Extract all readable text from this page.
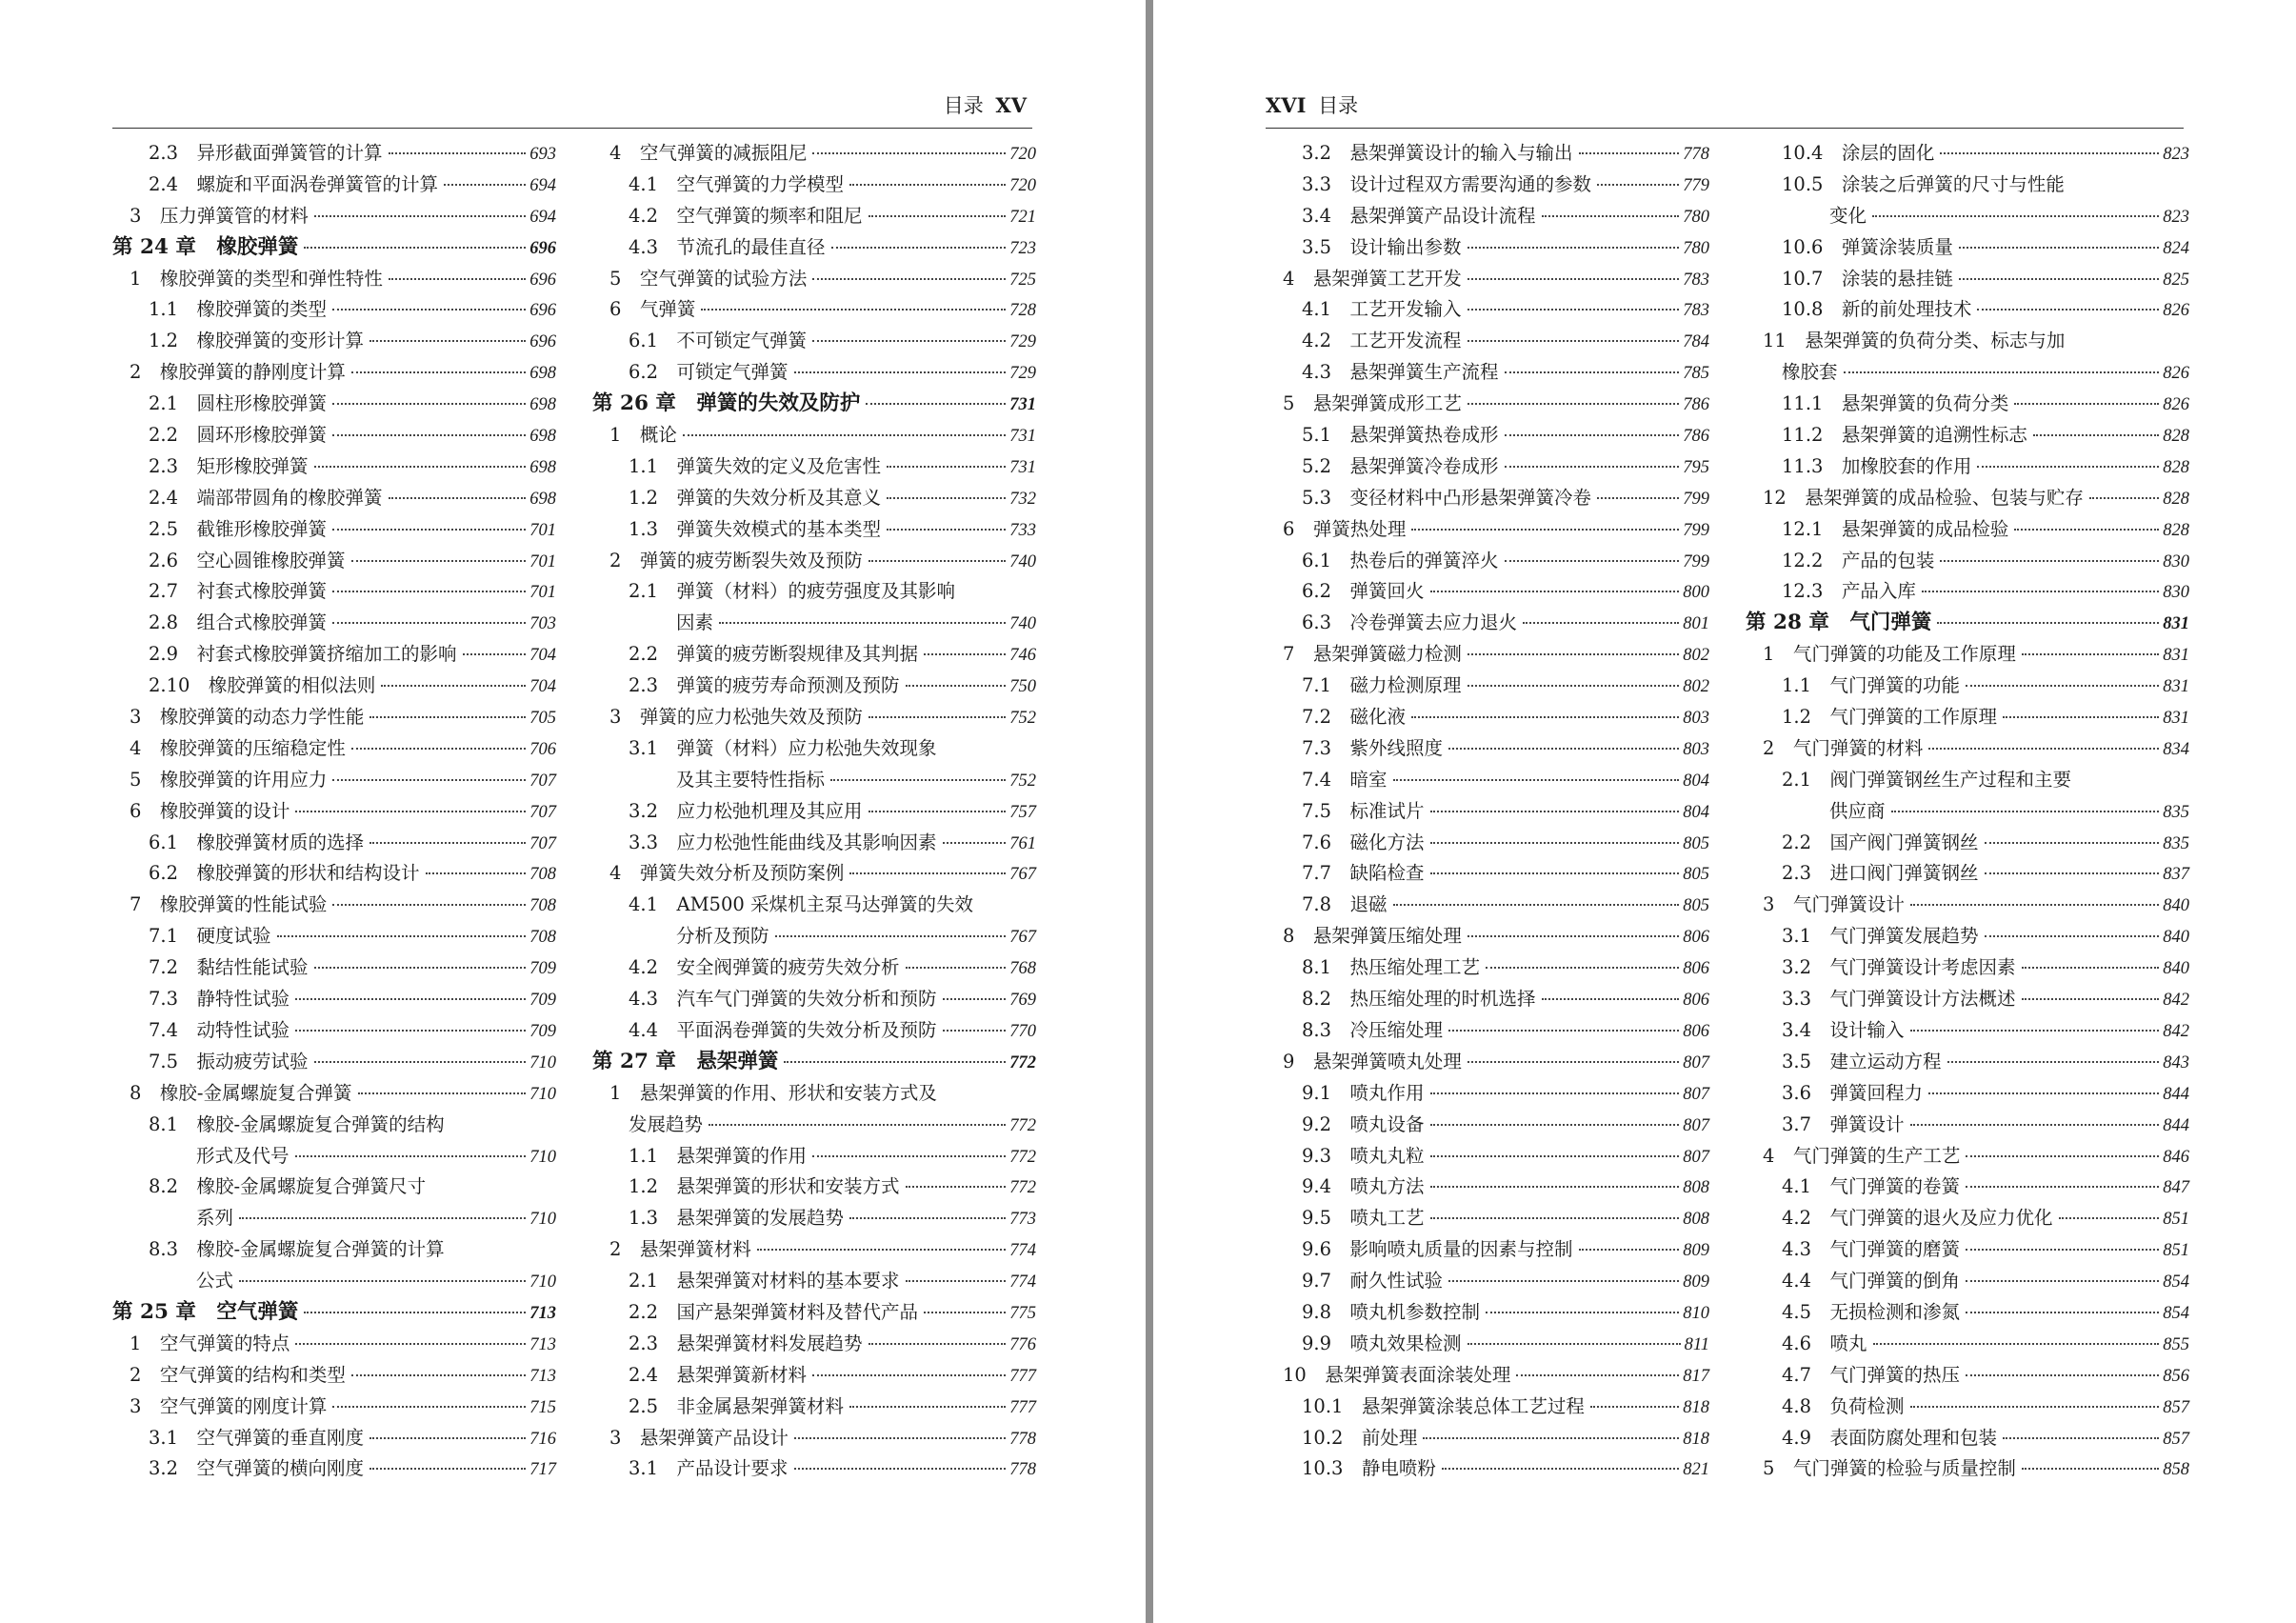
目录 XV
2.3　异形截面弹簧管的计算	693
2.4　螺旋和平面涡卷弹簧管的计算	694
3　压力弹簧管的材料	694
第 24 章　橡胶弹簧	696
1　橡胶弹簧的类型和弹性特性	696
1.1　橡胶弹簧的类型	696
1.2　橡胶弹簧的变形计算	696
2　橡胶弹簧的静刚度计算	698
2.1　圆柱形橡胶弹簧	698
2.2　圆环形橡胶弹簧	698
2.3　矩形橡胶弹簧	698
2.4　端部带圆角的橡胶弹簧	698
2.5　截锥形橡胶弹簧	701
2.6　空心圆锥橡胶弹簧	701
2.7　衬套式橡胶弹簧	701
2.8　组合式橡胶弹簧	703
2.9　衬套式橡胶弹簧挤缩加工的影响	704
2.10　橡胶弹簧的相似法则	704
3　橡胶弹簧的动态力学性能	705
4　橡胶弹簧的压缩稳定性	706
5　橡胶弹簧的许用应力	707
6　橡胶弹簧的设计	707
6.1　橡胶弹簧材质的选择	707
6.2　橡胶弹簧的形状和结构设计	708
7　橡胶弹簧的性能试验	708
7.1　硬度试验	708
7.2　黏结性能试验	709
7.3　静特性试验	709
7.4　动特性试验	709
7.5　振动疲劳试验	710
8　橡胶-金属螺旋复合弹簧	710
8.1　橡胶-金属螺旋复合弹簧的结构
形式及代号	710
8.2　橡胶-金属螺旋复合弹簧尺寸
系列	710
8.3　橡胶-金属螺旋复合弹簧的计算
公式	710
第 25 章　空气弹簧	713
1　空气弹簧的特点	713
2　空气弹簧的结构和类型	713
3　空气弹簧的刚度计算	715
3.1　空气弹簧的垂直刚度	716
3.2　空气弹簧的横向刚度	717
4　空气弹簧的减振阻尼	720
4.1　空气弹簧的力学模型	720
4.2　空气弹簧的频率和阻尼	721
4.3　节流孔的最佳直径	723
5　空气弹簧的试验方法	725
6　气弹簧	728
6.1　不可锁定气弹簧	729
6.2　可锁定气弹簧	729
第 26 章　弹簧的失效及防护	731
1　概论	731
1.1　弹簧失效的定义及危害性	731
1.2　弹簧的失效分析及其意义	732
1.3　弹簧失效模式的基本类型	733
2　弹簧的疲劳断裂失效及预防	740
2.1　弹簧（材料）的疲劳强度及其影响
因素	740
2.2　弹簧的疲劳断裂规律及其判据	746
2.3　弹簧的疲劳寿命预测及预防	750
3　弹簧的应力松弛失效及预防	752
3.1　弹簧（材料）应力松弛失效现象
及其主要特性指标	752
3.2　应力松弛机理及其应用	757
3.3　应力松弛性能曲线及其影响因素	761
4　弹簧失效分析及预防案例	767
4.1　AM500 采煤机主泵马达弹簧的失效
分析及预防	767
4.2　安全阀弹簧的疲劳失效分析	768
4.3　汽车气门弹簧的失效分析和预防	769
4.4　平面涡卷弹簧的失效分析及预防	770
第 27 章　悬架弹簧	772
1　悬架弹簧的作用、形状和安装方式及
发展趋势	772
1.1　悬架弹簧的作用	772
1.2　悬架弹簧的形状和安装方式	772
1.3　悬架弹簧的发展趋势	773
2　悬架弹簧材料	774
2.1　悬架弹簧对材料的基本要求	774
2.2　国产悬架弹簧材料及替代产品	775
2.3　悬架弹簧材料发展趋势	776
2.4　悬架弹簧新材料	777
2.5　非金属悬架弹簧材料	777
3　悬架弹簧产品设计	778
3.1　产品设计要求	778
XVI 目录
3.2　悬架弹簧设计的输入与输出	778
3.3　设计过程双方需要沟通的参数	779
3.4　悬架弹簧产品设计流程	780
3.5　设计输出参数	780
4　悬架弹簧工艺开发	783
4.1　工艺开发输入	783
4.2　工艺开发流程	784
4.3　悬架弹簧生产流程	785
5　悬架弹簧成形工艺	786
5.1　悬架弹簧热卷成形	786
5.2　悬架弹簧冷卷成形	795
5.3　变径材料中凸形悬架弹簧冷卷	799
6　弹簧热处理	799
6.1　热卷后的弹簧淬火	799
6.2　弹簧回火	800
6.3　冷卷弹簧去应力退火	801
7　悬架弹簧磁力检测	802
7.1　磁力检测原理	802
7.2　磁化液	803
7.3　紫外线照度	803
7.4　暗室	804
7.5　标准试片	804
7.6　磁化方法	805
7.7　缺陷检查	805
7.8　退磁	805
8　悬架弹簧压缩处理	806
8.1　热压缩处理工艺	806
8.2　热压缩处理的时机选择	806
8.3　冷压缩处理	806
9　悬架弹簧喷丸处理	807
9.1　喷丸作用	807
9.2　喷丸设备	807
9.3　喷丸丸粒	807
9.4　喷丸方法	808
9.5　喷丸工艺	808
9.6　影响喷丸质量的因素与控制	809
9.7　耐久性试验	809
9.8　喷丸机参数控制	810
9.9　喷丸效果检测	811
10　悬架弹簧表面涂装处理	817
10.1　悬架弹簧涂装总体工艺过程	818
10.2　前处理	818
10.3　静电喷粉	821
10.4　涂层的固化	823
10.5　涂装之后弹簧的尺寸与性能
变化	823
10.6　弹簧涂装质量	824
10.7　涂装的悬挂链	825
10.8　新的前处理技术	826
11　悬架弹簧的负荷分类、标志与加
橡胶套	826
11.1　悬架弹簧的负荷分类	826
11.2　悬架弹簧的追溯性标志	828
11.3　加橡胶套的作用	828
12　悬架弹簧的成品检验、包装与贮存	828
12.1　悬架弹簧的成品检验	828
12.2　产品的包装	830
12.3　产品入库	830
第 28 章　气门弹簧	831
1　气门弹簧的功能及工作原理	831
1.1　气门弹簧的功能	831
1.2　气门弹簧的工作原理	831
2　气门弹簧的材料	834
2.1　阀门弹簧钢丝生产过程和主要
供应商	835
2.2　国产阀门弹簧钢丝	835
2.3　进口阀门弹簧钢丝	837
3　气门弹簧设计	840
3.1　气门弹簧发展趋势	840
3.2　气门弹簧设计考虑因素	840
3.3　气门弹簧设计方法概述	842
3.4　设计输入	842
3.5　建立运动方程	843
3.6　弹簧回程力	844
3.7　弹簧设计	844
4　气门弹簧的生产工艺	846
4.1　气门弹簧的卷簧	847
4.2　气门弹簧的退火及应力优化	851
4.3　气门弹簧的磨簧	851
4.4　气门弹簧的倒角	854
4.5　无损检测和渗氮	854
4.6　喷丸	855
4.7　气门弹簧的热压	856
4.8　负荷检测	857
4.9　表面防腐处理和包装	857
5　气门弹簧的检验与质量控制	858
